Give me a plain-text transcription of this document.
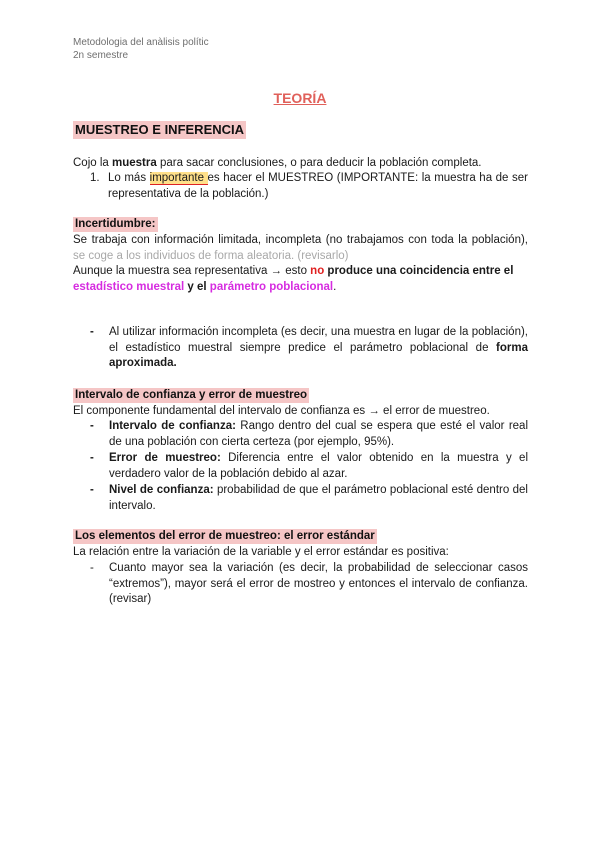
Metodologia del anàlisis polític
2n semestre
TEORÍA
MUESTREO E INFERENCIA
Cojo la muestra para sacar conclusiones, o para deducir la población completa.
1. Lo más importante es hacer el MUESTREO (IMPORTANTE: la muestra ha de ser representativa de la población.)
Incertidumbre:
Se trabaja con información limitada, incompleta (no trabajamos con toda la población), se coge a los individuos de forma aleatoria. (revisarlo)
Aunque la muestra sea representativa → esto no produce una coincidencia entre el estadístico muestral y el parámetro poblacional.
- Al utilizar información incompleta (es decir, una muestra en lugar de la población), el estadístico muestral siempre predice el parámetro poblacional de forma aproximada.
Intervalo de confianza y error de muestreo
El componente fundamental del intervalo de confianza es → el error de muestreo.
- Intervalo de confianza: Rango dentro del cual se espera que esté el valor real de una población con cierta certeza (por ejemplo, 95%).
- Error de muestreo: Diferencia entre el valor obtenido en la muestra y el verdadero valor de la población debido al azar.
- Nivel de confianza: probabilidad de que el parámetro poblacional esté dentro del intervalo.
Los elementos del error de muestreo: el error estándar
La relación entre la variación de la variable y el error estándar es positiva:
- Cuanto mayor sea la variación (es decir, la probabilidad de seleccionar casos “extremos”), mayor será el error de mostreo y entonces el intervalo de confianza. (revisar)
